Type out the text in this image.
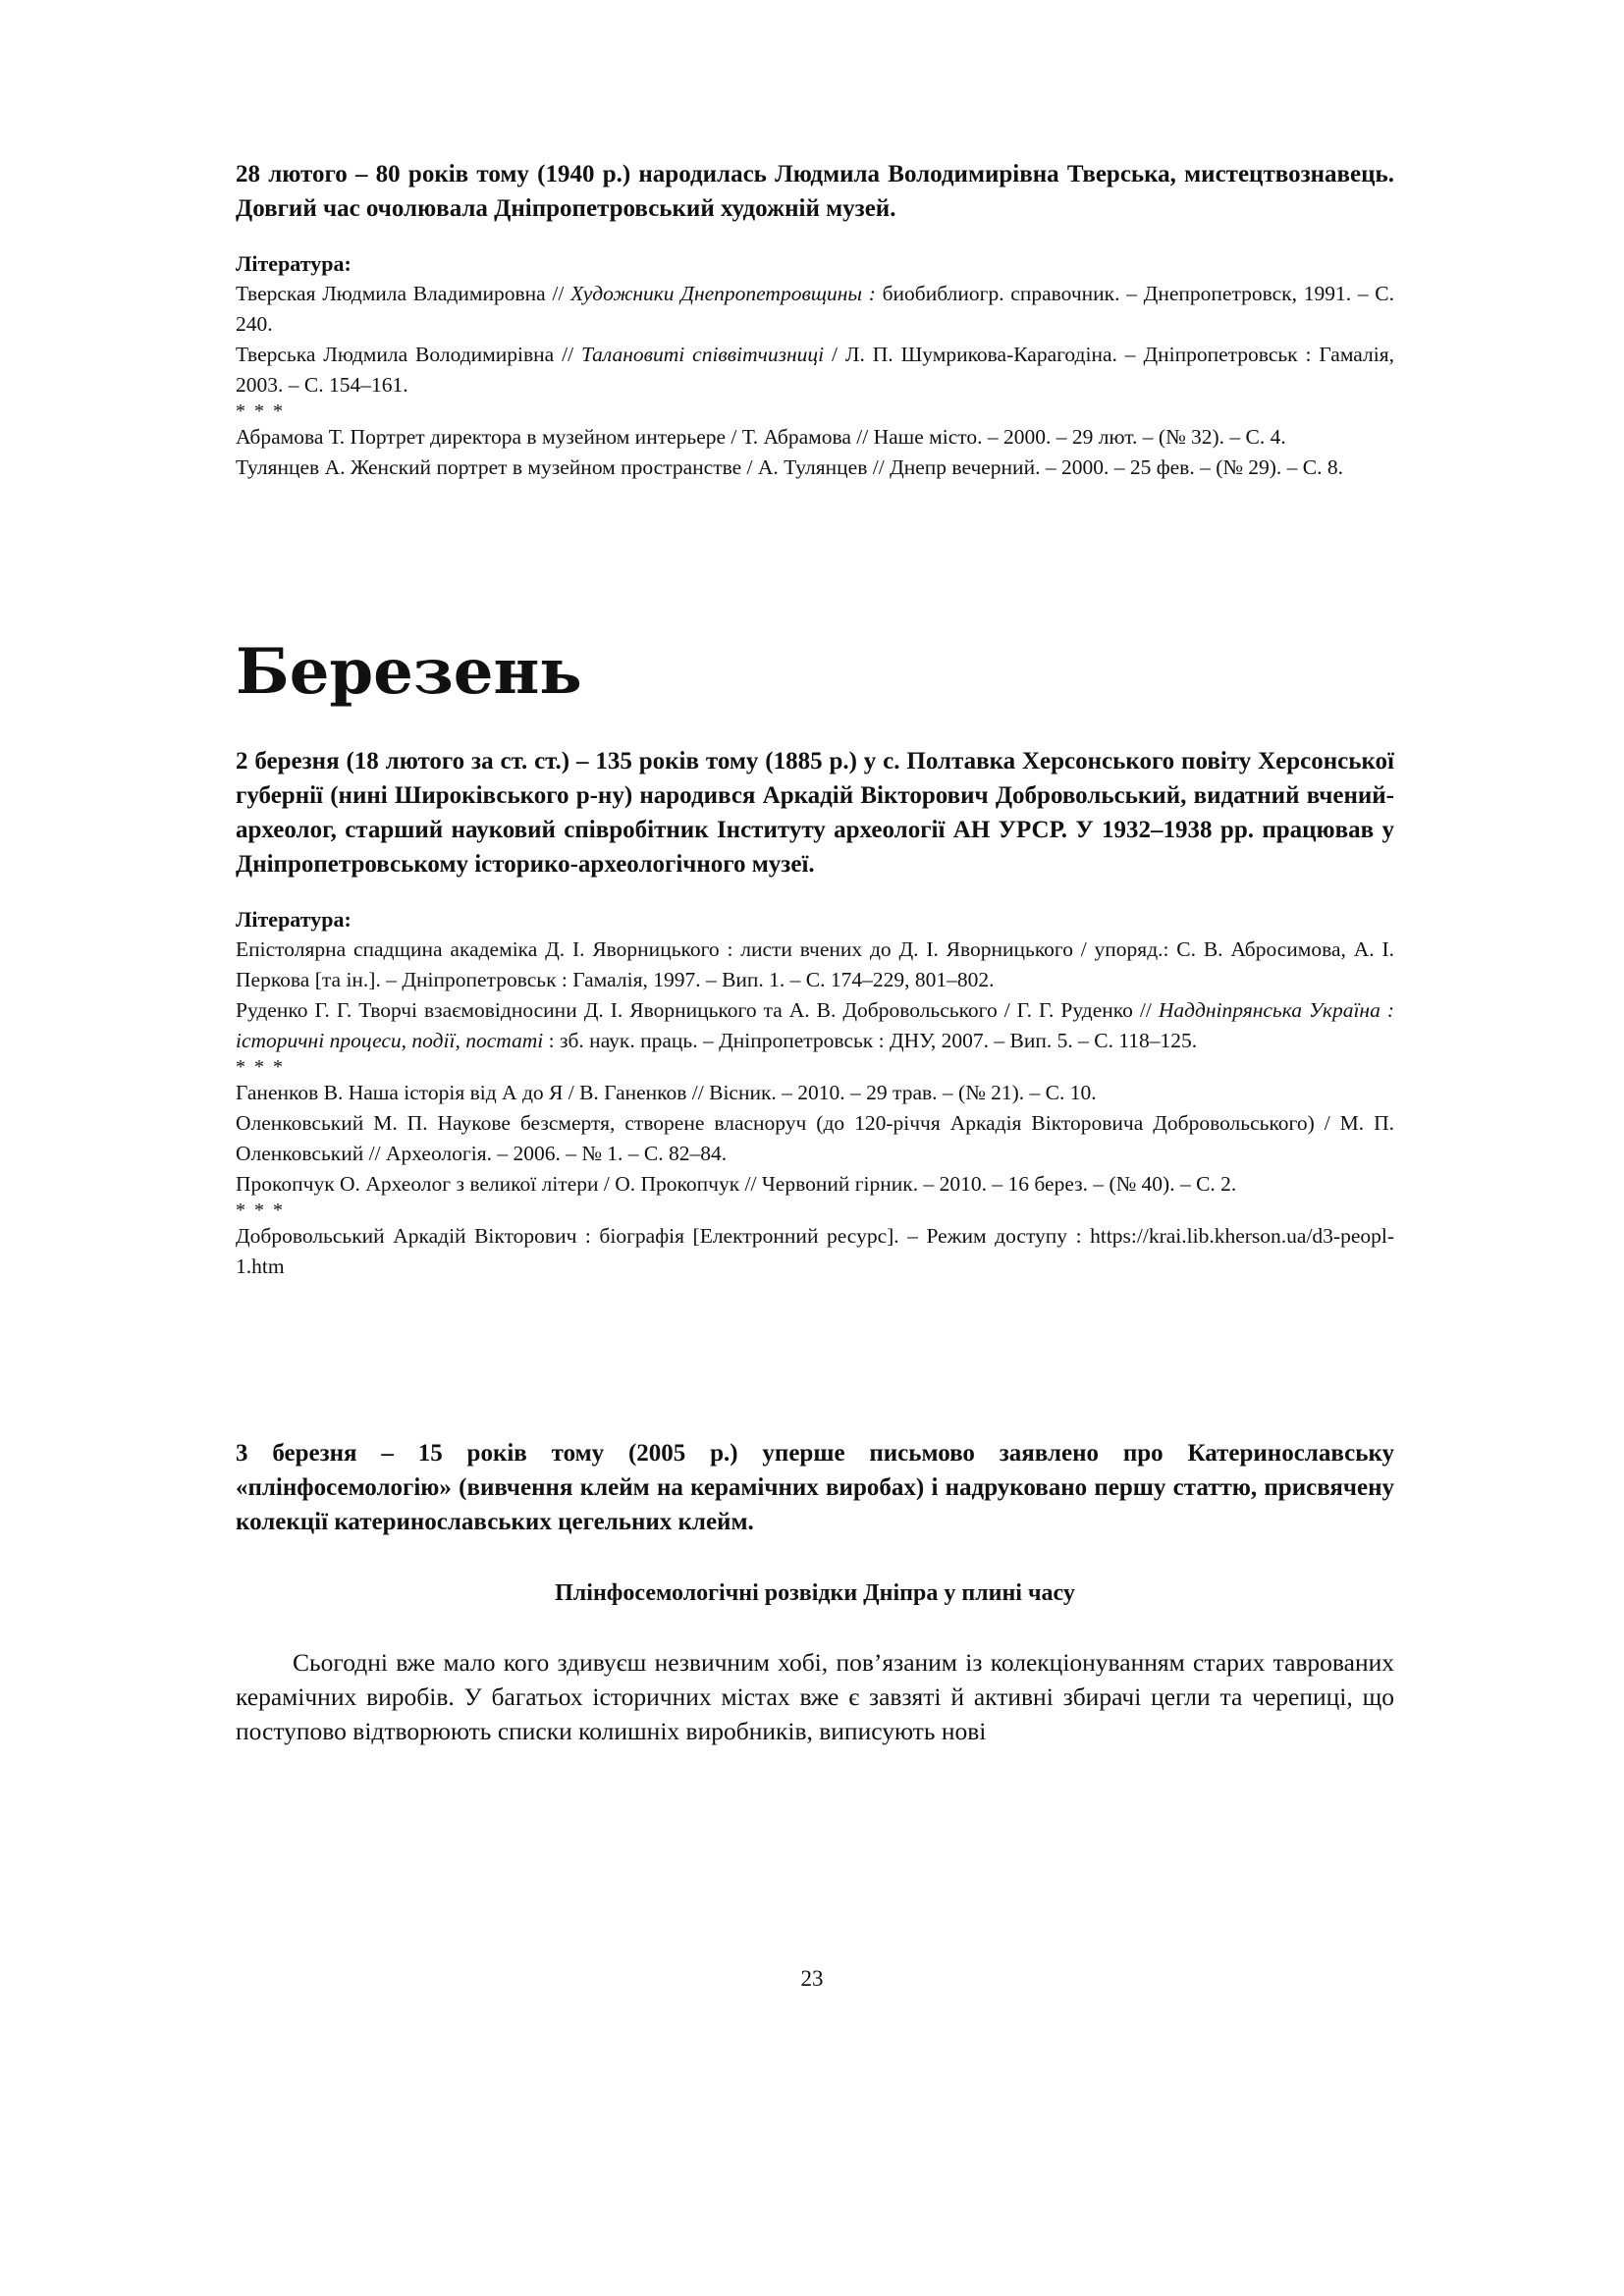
28 лютого – 80 років тому (1940 р.) народилась Людмила Володимирівна Тверська, мистецтвознавець. Довгий час очолювала Дніпропетровський художній музей.

Література:

Тверская Людмила Владимировна // Художники Днепропетровщины : биобиблиогр. справочник. – Днепропетровск, 1991. – С. 240.

Тверська Людмила Володимирівна // Талановиті співвітчизниці / Л. П. Шумрикова-Карагодіна. – Дніпропетровськ : Гамалія, 2003. – С. 154–161.

* * *

Абрамова Т. Портрет директора в музейном интерьере / Т. Абрамова // Наше місто. – 2000. – 29 лют. – (№ 32). – С. 4.

Тулянцев А. Женский портрет в музейном пространстве / А. Тулянцев // Днепр вечерний. – 2000. – 25 фев. – (№ 29). – С. 8.

Березень

2 березня (18 лютого за ст. ст.) – 135 років тому (1885 р.) у с. Полтавка Херсонського повіту Херсонської губернії (нині Широківського р-ну) народився Аркадій Вікторович Добровольський, видатний вчений-археолог, старший науковий співробітник Інституту археології АН УРСР. У 1932–1938 рр. працював у Дніпропетровському історико-археологічного музеї.

Література:

Епістолярна спадщина академіка Д. І. Яворницького : листи вчених до Д. І. Яворницького / упоряд.: С. В. Абросимова, А. І. Перкова [та ін.]. – Дніпропетровськ : Гамалія, 1997. – Вип. 1. – С. 174–229, 801–802.

Руденко Г. Г. Творчі взаємовідносини Д. І. Яворницького та А. В. Добровольського / Г. Г. Руденко // Наддніпрянська Україна : історичні процеси, події, постаті : зб. наук. праць. – Дніпропетровськ : ДНУ, 2007. – Вип. 5. – С. 118–125.

* * *

Ганенков В. Наша історія від А до Я / В. Ганенков // Вісник. – 2010. – 29 трав. – (№ 21). – С. 10.

Оленковський М. П. Наукове безсмертя, створене власноруч (до 120-річчя Аркадія Вікторовича Добровольського) / М. П. Оленковський // Археологія. – 2006. – № 1. – С. 82–84.

Прокопчук О. Археолог з великої літери / О. Прокопчук // Червоний гірник. – 2010. – 16 берез. – (№ 40). – С. 2.

* * *

Добровольський Аркадій Вікторович : біографія [Електронний ресурс]. – Режим доступу : https://krai.lib.kherson.ua/d3-peopl-1.htm

3 березня – 15 років тому (2005 р.) уперше письмово заявлено про Катеринославську «плінфосемологію» (вивчення клейм на керамічних виробах) і надруковано першу статтю, присвячену колекції катеринославських цегельних клейм.

Плінфосемологічні розвідки Дніпра у плині часу

Сьогодні вже мало кого здивуєш незвичним хобі, пов’язаним із колекціонуванням старих таврованих керамічних виробів. У багатьох історичних містах вже є завзяті й активні збирачі цегли та черепиці, що поступово відтворюють списки колишніх виробників, виписують нові

23
